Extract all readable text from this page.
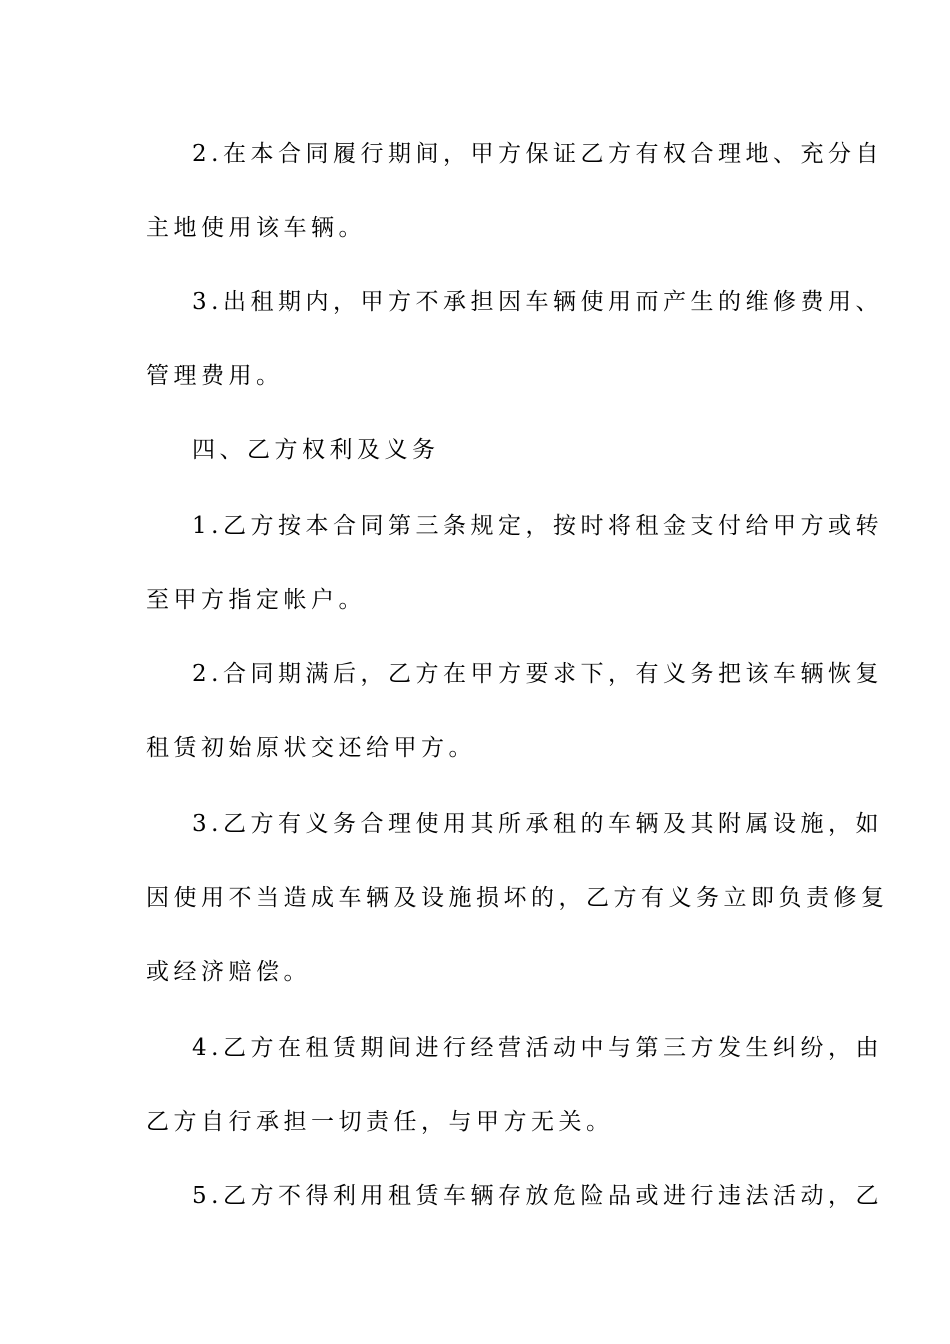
2.在本合同履行期间，甲方保证乙方有权合理地、充分自
主地使用该车辆。
3.出租期内，甲方不承担因车辆使用而产生的维修费用、
管理费用。
四、乙方权利及义务
1.乙方按本合同第三条规定，按时将租金支付给甲方或转
至甲方指定帐户。
2.合同期满后，乙方在甲方要求下，有义务把该车辆恢复
租赁初始原状交还给甲方。
3.乙方有义务合理使用其所承租的车辆及其附属设施，如
因使用不当造成车辆及设施损坏的，乙方有义务立即负责修复
或经济赔偿。
4.乙方在租赁期间进行经营活动中与第三方发生纠纷，由
乙方自行承担一切责任，与甲方无关。
5.乙方不得利用租赁车辆存放危险品或进行违法活动，乙
